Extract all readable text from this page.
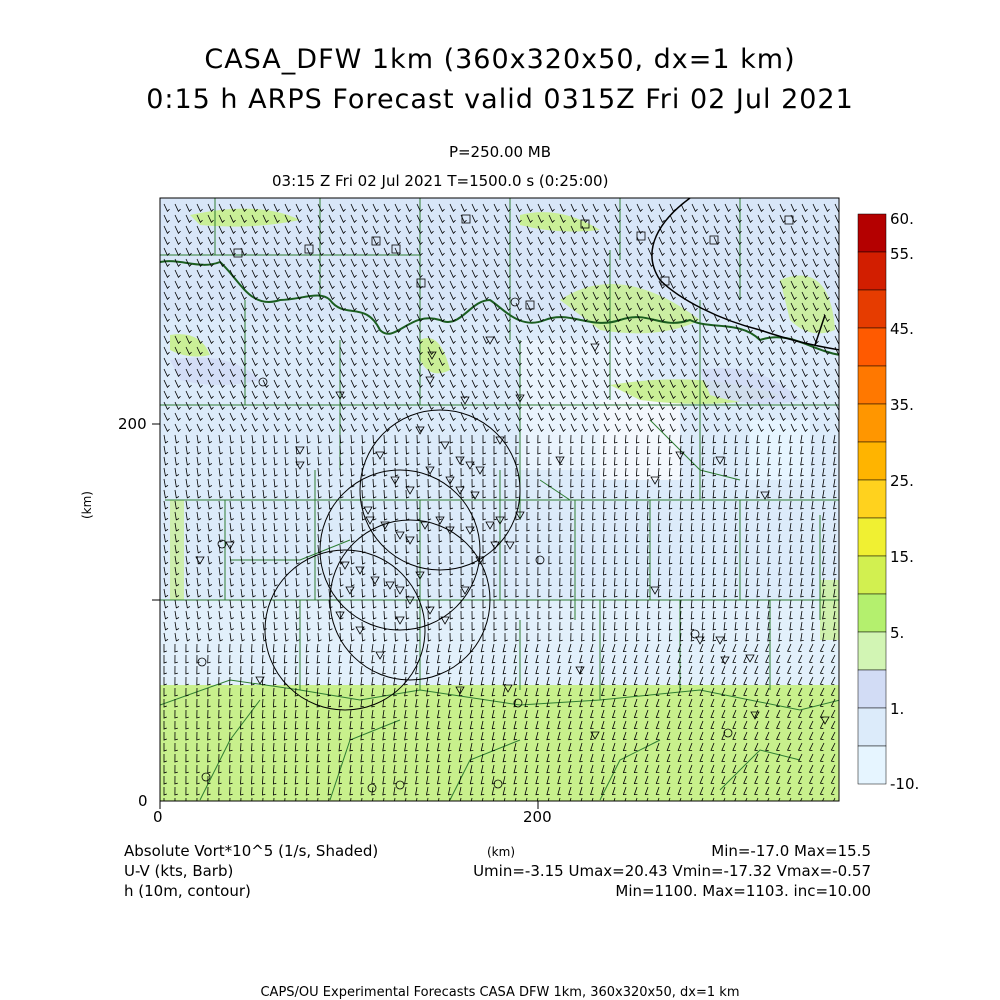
CASA_DFW 1km (360x320x50, dx=1 km)
0:15 h ARPS Forecast valid 0315Z Fri 02 Jul 2021
P=250.00 MB
03:15 Z Fri 02 Jul 2021 T=1500.0 s (0:25:00)
200
0
0	200
(km)
60.
55.
45.
35.
25.
15.
5.
1.
-10.
Absolute Vort*10^5 (1/s, Shaded)
U-V (kts, Barb)
h (10m, contour)
(km)	Min=-17.0 Max=15.5
Umin=-3.15 Umax=20.43 Vmin=-17.32 Vmax=-0.57
Min=1100. Max=1103. inc=10.00
CAPS/OU Experimental Forecasts CASA DFW 1km, 360x320x50, dx=1 km
